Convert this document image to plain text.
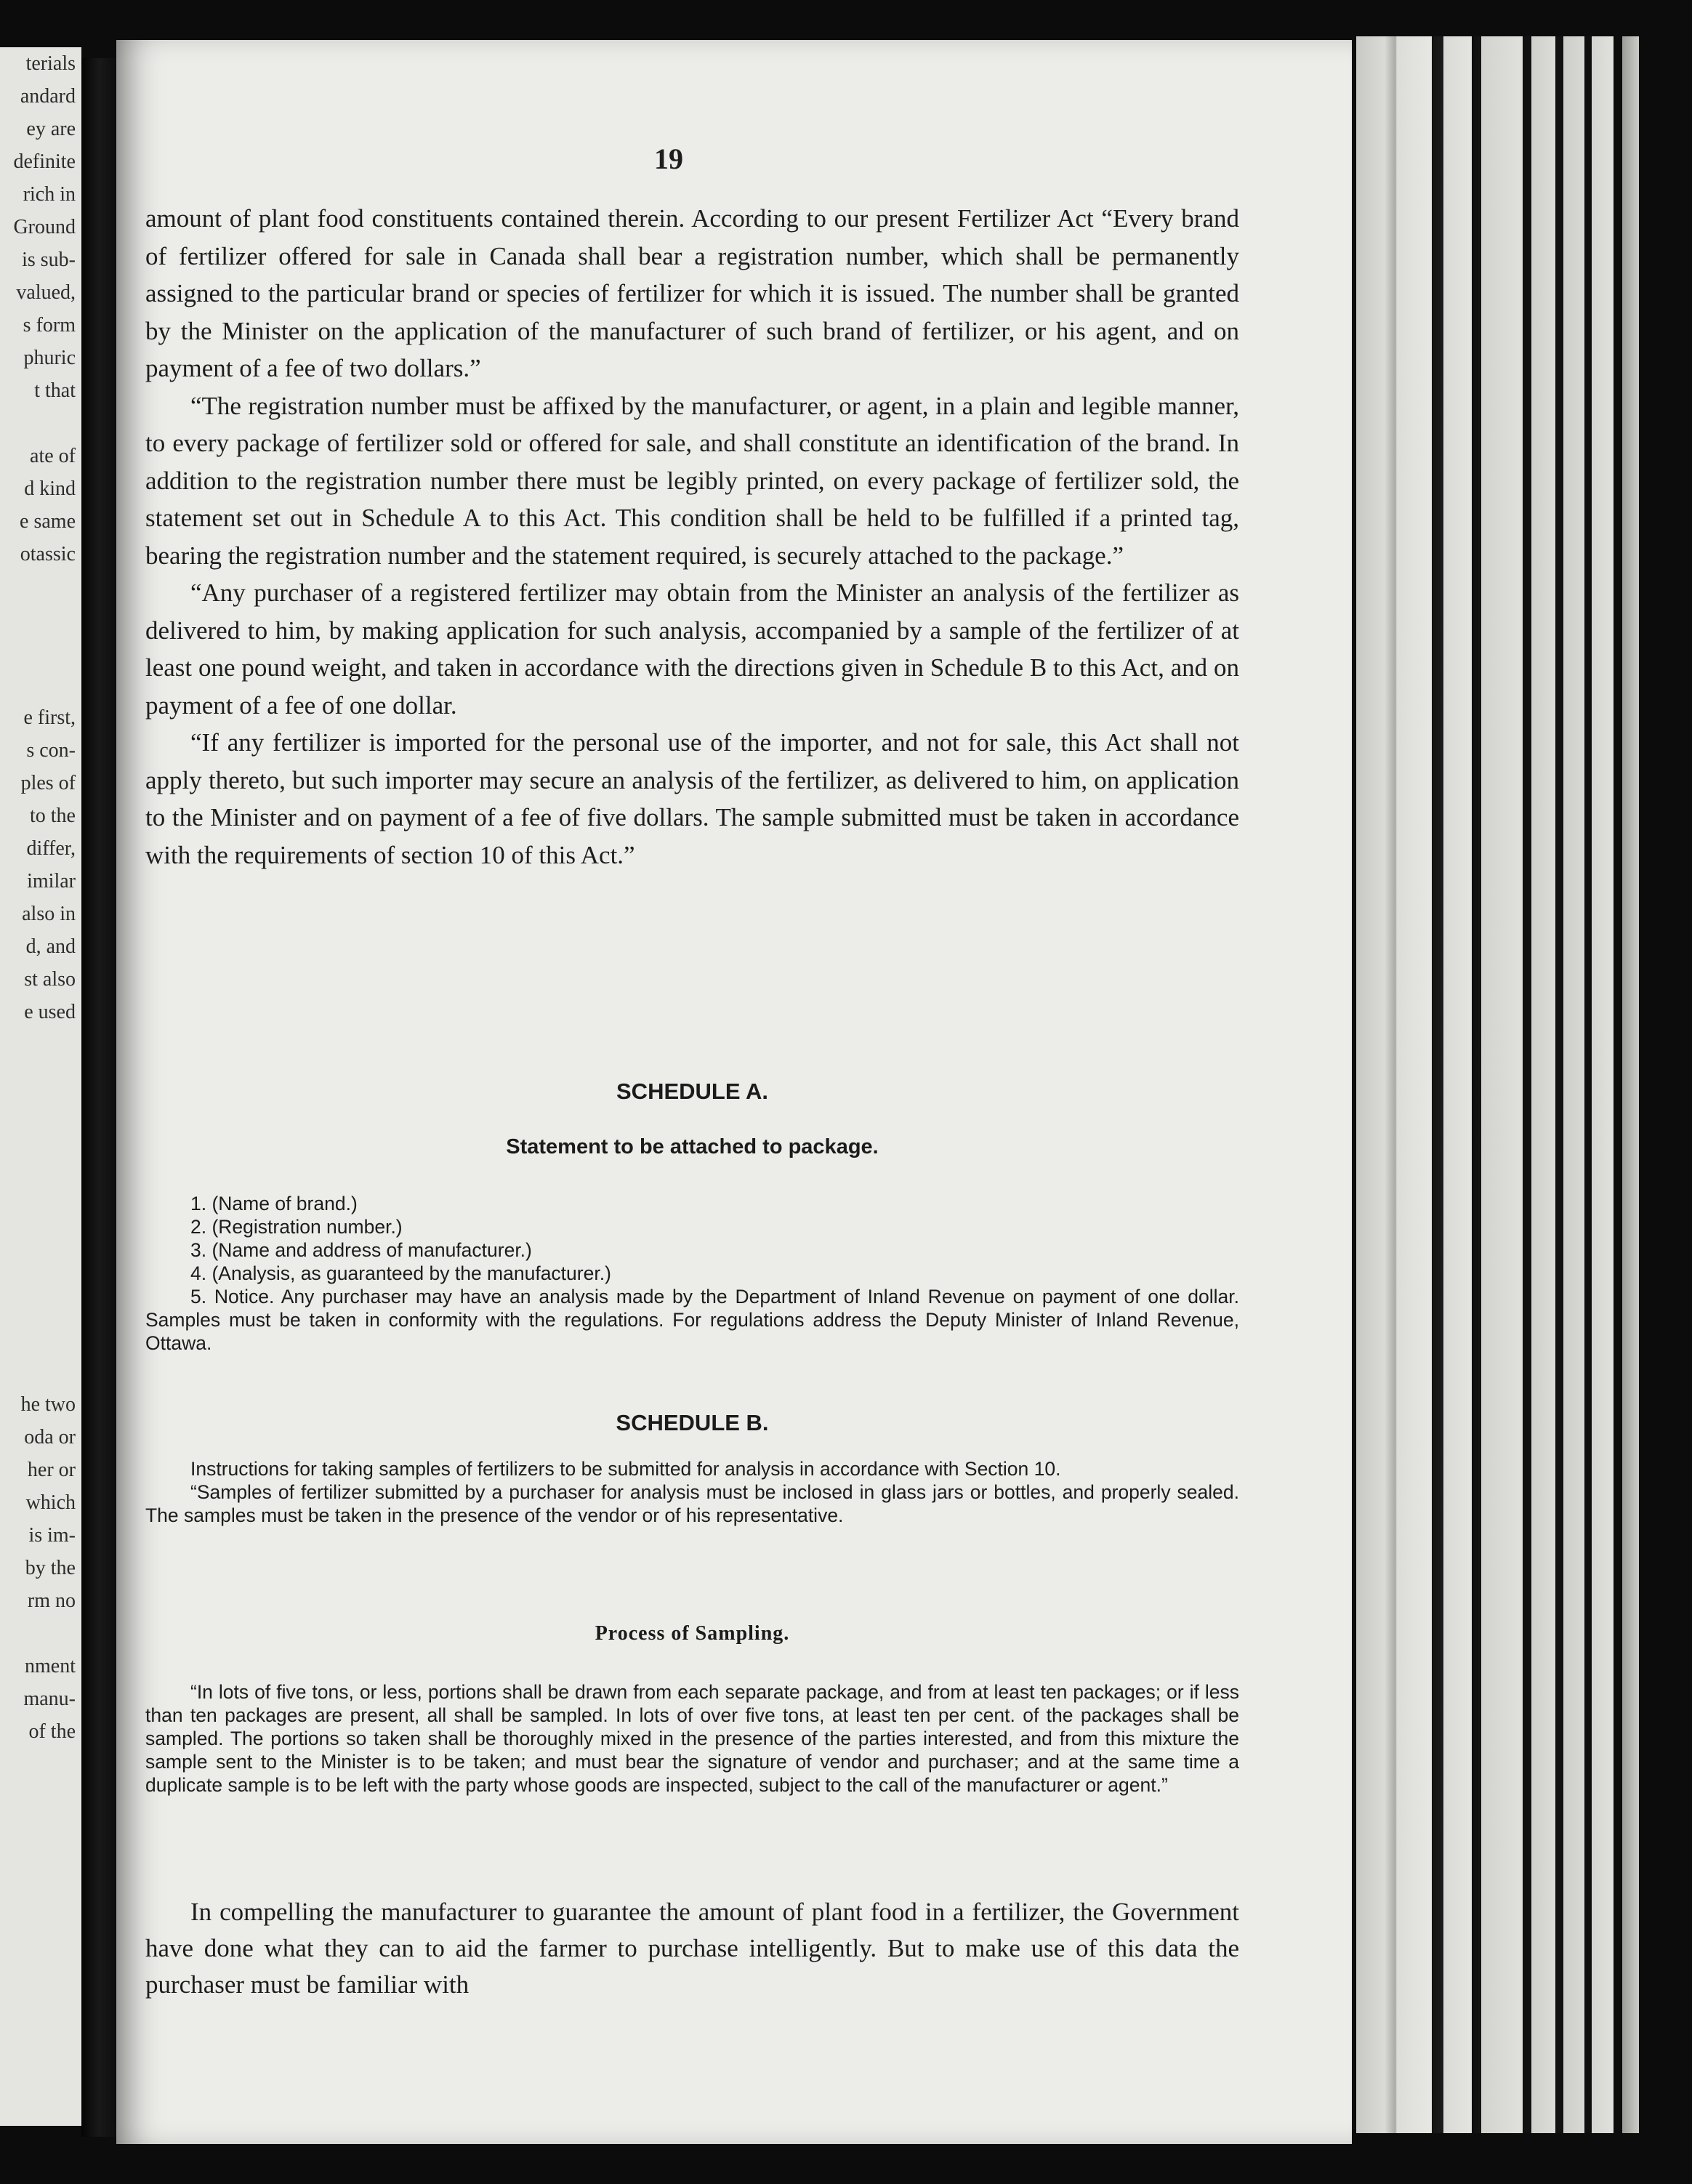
terials
andard
ey are
definite
rich in
Ground
is sub-
valued,
s form
phuric
t that
ate of
d kind
e same
otassic
e first,
s con-
ples of
to the
differ,
imilar
also in
d, and
st also
e used
he two
oda or
her or
which
is im-
by the
rm no
nment
manu-
of the
19

amount of plant food constituents contained therein. According to our present Fertilizer Act “Every brand of fertilizer offered for sale in Canada shall bear a registration number, which shall be permanently assigned to the particular brand or species of fertilizer for which it is issued. The number shall be granted by the Minister on the application of the manufacturer of such brand of fertilizer, or his agent, and on payment of a fee of two dollars.”

“The registration number must be affixed by the manufacturer, or agent, in a plain and legible manner, to every package of fertilizer sold or offered for sale, and shall constitute an identification of the brand. In addition to the registration number there must be legibly printed, on every package of fertilizer sold, the statement set out in Schedule A to this Act. This condition shall be held to be fulfilled if a printed tag, bearing the registration number and the statement required, is securely attached to the package.”

“Any purchaser of a registered fertilizer may obtain from the Minister an analysis of the fertilizer as delivered to him, by making application for such analysis, accompanied by a sample of the fertilizer of at least one pound weight, and taken in accordance with the directions given in Schedule B to this Act, and on payment of a fee of one dollar.

“If any fertilizer is imported for the personal use of the importer, and not for sale, this Act shall not apply thereto, but such importer may secure an analysis of the fertilizer, as delivered to him, on application to the Minister and on payment of a fee of five dollars. The sample submitted must be taken in accordance with the requirements of section 10 of this Act.”

SCHEDULE A.
Statement to be attached to package.
1. (Name of brand.)
2. (Registration number.)
3. (Name and address of manufacturer.)
4. (Analysis, as guaranteed by the manufacturer.)

5. Notice. Any purchaser may have an analysis made by the Department of Inland Revenue on payment of one dollar. Samples must be taken in conformity with the regulations. For regulations address the Deputy Minister of Inland Revenue, Ottawa.

SCHEDULE B.

Instructions for taking samples of fertilizers to be submitted for analysis in accordance with Section 10.

“Samples of fertilizer submitted by a purchaser for analysis must be inclosed in glass jars or bottles, and properly sealed. The samples must be taken in the presence of the vendor or of his representative.

Process of Sampling.

“In lots of five tons, or less, portions shall be drawn from each separate package, and from at least ten packages; or if less than ten packages are present, all shall be sampled. In lots of over five tons, at least ten per cent. of the packages shall be sampled. The portions so taken shall be thoroughly mixed in the presence of the parties interested, and from this mixture the sample sent to the Minister is to be taken; and must bear the signature of vendor and purchaser; and at the same time a duplicate sample is to be left with the party whose goods are inspected, subject to the call of the manufacturer or agent.”

In compelling the manufacturer to guarantee the amount of plant food in a fertilizer, the Government have done what they can to aid the farmer to purchase intelligently. But to make use of this data the purchaser must be familiar with
